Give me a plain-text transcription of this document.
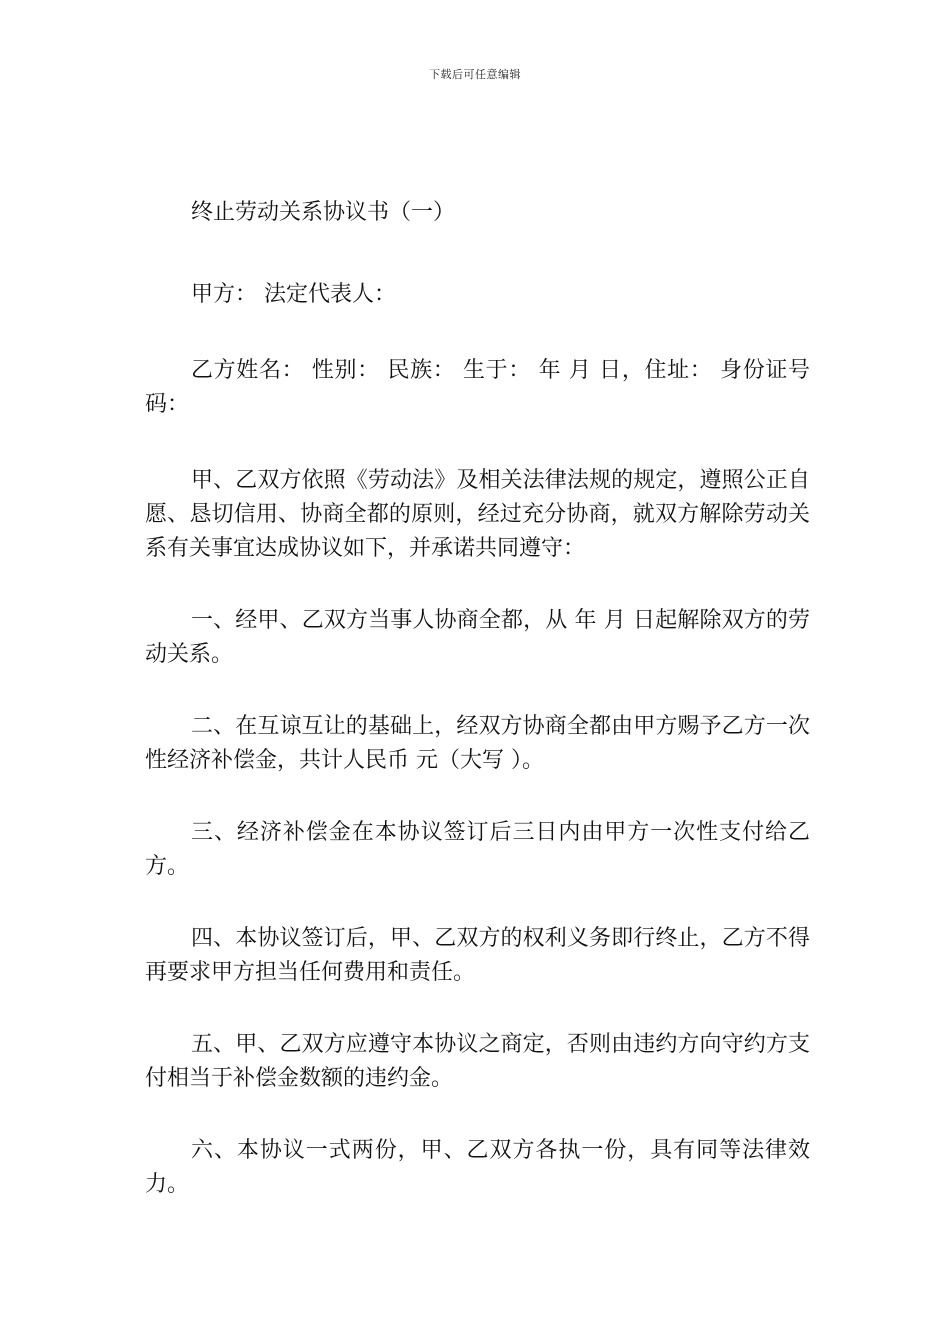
下载后可任意编辑

终止劳动关系协议书（一）

甲方： 法定代表人：

乙方姓名： 性别： 民族： 生于： 年 月 日，住址： 身份证号码：

甲、乙双方依照《劳动法》及相关法律法规的规定，遵照公正自愿、恳切信用、协商全都的原则，经过充分协商，就双方解除劳动关系有关事宜达成协议如下，并承诺共同遵守：

一、经甲、乙双方当事人协商全都，从 年 月 日起解除双方的劳动关系。

二、在互谅互让的基础上，经双方协商全都由甲方赐予乙方一次性经济补偿金，共计人民币 元（大写 ）。

三、经济补偿金在本协议签订后三日内由甲方一次性支付给乙方。

四、本协议签订后，甲、乙双方的权利义务即行终止，乙方不得再要求甲方担当任何费用和责任。

五、甲、乙双方应遵守本协议之商定，否则由违约方向守约方支付相当于补偿金数额的违约金。

六、本协议一式两份，甲、乙双方各执一份，具有同等法律效力。
